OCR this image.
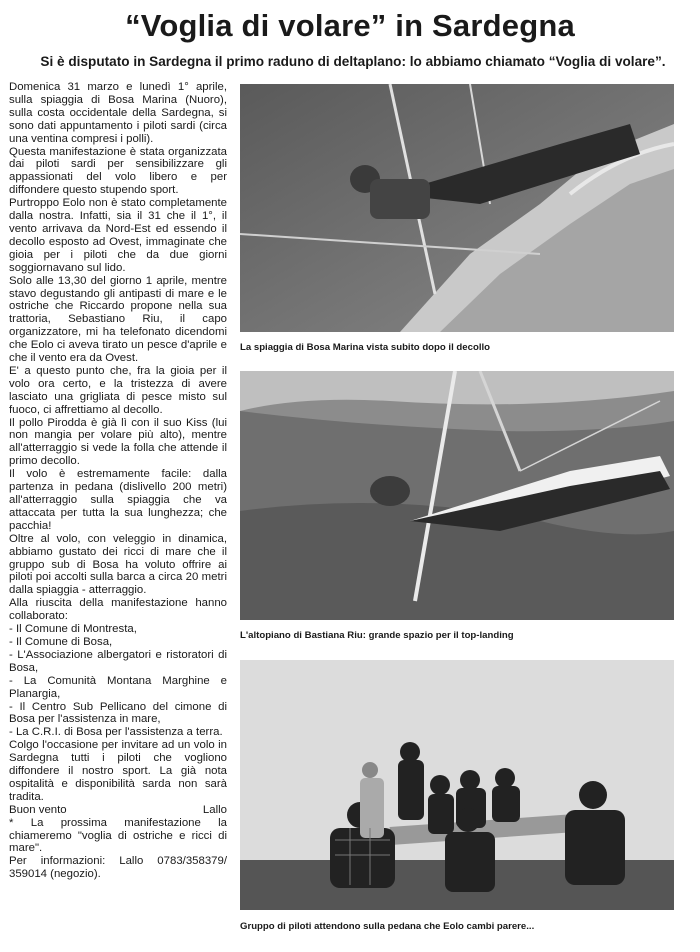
“Voglia di volare” in Sardegna
Si è disputato in Sardegna il primo raduno di deltaplano: lo abbiamo chiamato “Voglia di volare”.

Domenica 31 marzo e lunedì 1° aprile, sulla spiaggia di Bosa Marina (Nuoro), sulla costa occidentale della Sardegna, si sono dati appuntamento i piloti sardi (circa una ventina compresi i polli).

Questa manifestazione è stata organizzata dai piloti sardi per sensibilizzare gli appassionati del volo libero e per diffondere questo stupendo sport.

Purtroppo Eolo non è stato completamente dalla nostra. Infatti, sia il 31 che il 1°, il vento arrivava da Nord-Est ed essendo il decollo esposto ad Ovest, immaginate che gioia per i piloti che da due giorni soggiornavano sul lido.

Solo alle 13,30 del giorno 1 aprile, mentre stavo degustando gli antipasti di mare e le ostriche che Riccardo propone nella sua trattoria, Sebastiano Riu, il capo organizzatore, mi ha telefonato dicendomi che Eolo ci aveva tirato un pesce d'aprile e che il vento era da Ovest.

E' a questo punto che, fra la gioia per il volo ora certo, e la tristezza di avere lasciato una grigliata di pesce misto sul fuoco, ci affrettiamo al decollo.

Il pollo Pirodda è già lì con il suo Kiss (lui non mangia per volare più alto), mentre all'atterraggio si vede la folla che attende il primo decollo.

Il volo è estremamente facile: dalla partenza in pedana (dislivello 200 metri) all'atterraggio sulla spiaggia che va attaccata per tutta la sua lunghezza; che pacchia!

Oltre al volo, con veleggio in dinamica, abbiamo gustato dei ricci di mare che il gruppo sub di Bosa ha voluto offrire ai piloti poi accolti sulla barca a circa 20 metri dalla spiaggia - atterraggio.

Alla riuscita della manifestazione hanno collaborato:

- Il Comune di Montresta,
- Il Comune di Bosa,
- L'Associazione albergatori e ristoratori di Bosa,
- La Comunità Montana Marghine e Planargia,
- Il Centro Sub Pellicano del cimone di Bosa per l'assistenza in mare,
- La C.R.I. di Bosa per l'assistenza a terra.

Colgo l'occasione per invitare ad un volo in Sardegna tutti i piloti che vogliono diffondere il nostro sport. La già nota ospitalità e disponibilità sarda non sarà tradita.

Buon vento	Lallo

* La prossima manifestazione la chiameremo "voglia di ostriche e ricci di mare".

Per informazioni: Lallo 0783/358379/ 359014 (negozio).

La spiaggia di Bosa Marina vista subito dopo il decollo
L'altopiano di Bastiana Riu: grande spazio per il top-landing
Gruppo di piloti attendono sulla pedana che Eolo cambi parere...
